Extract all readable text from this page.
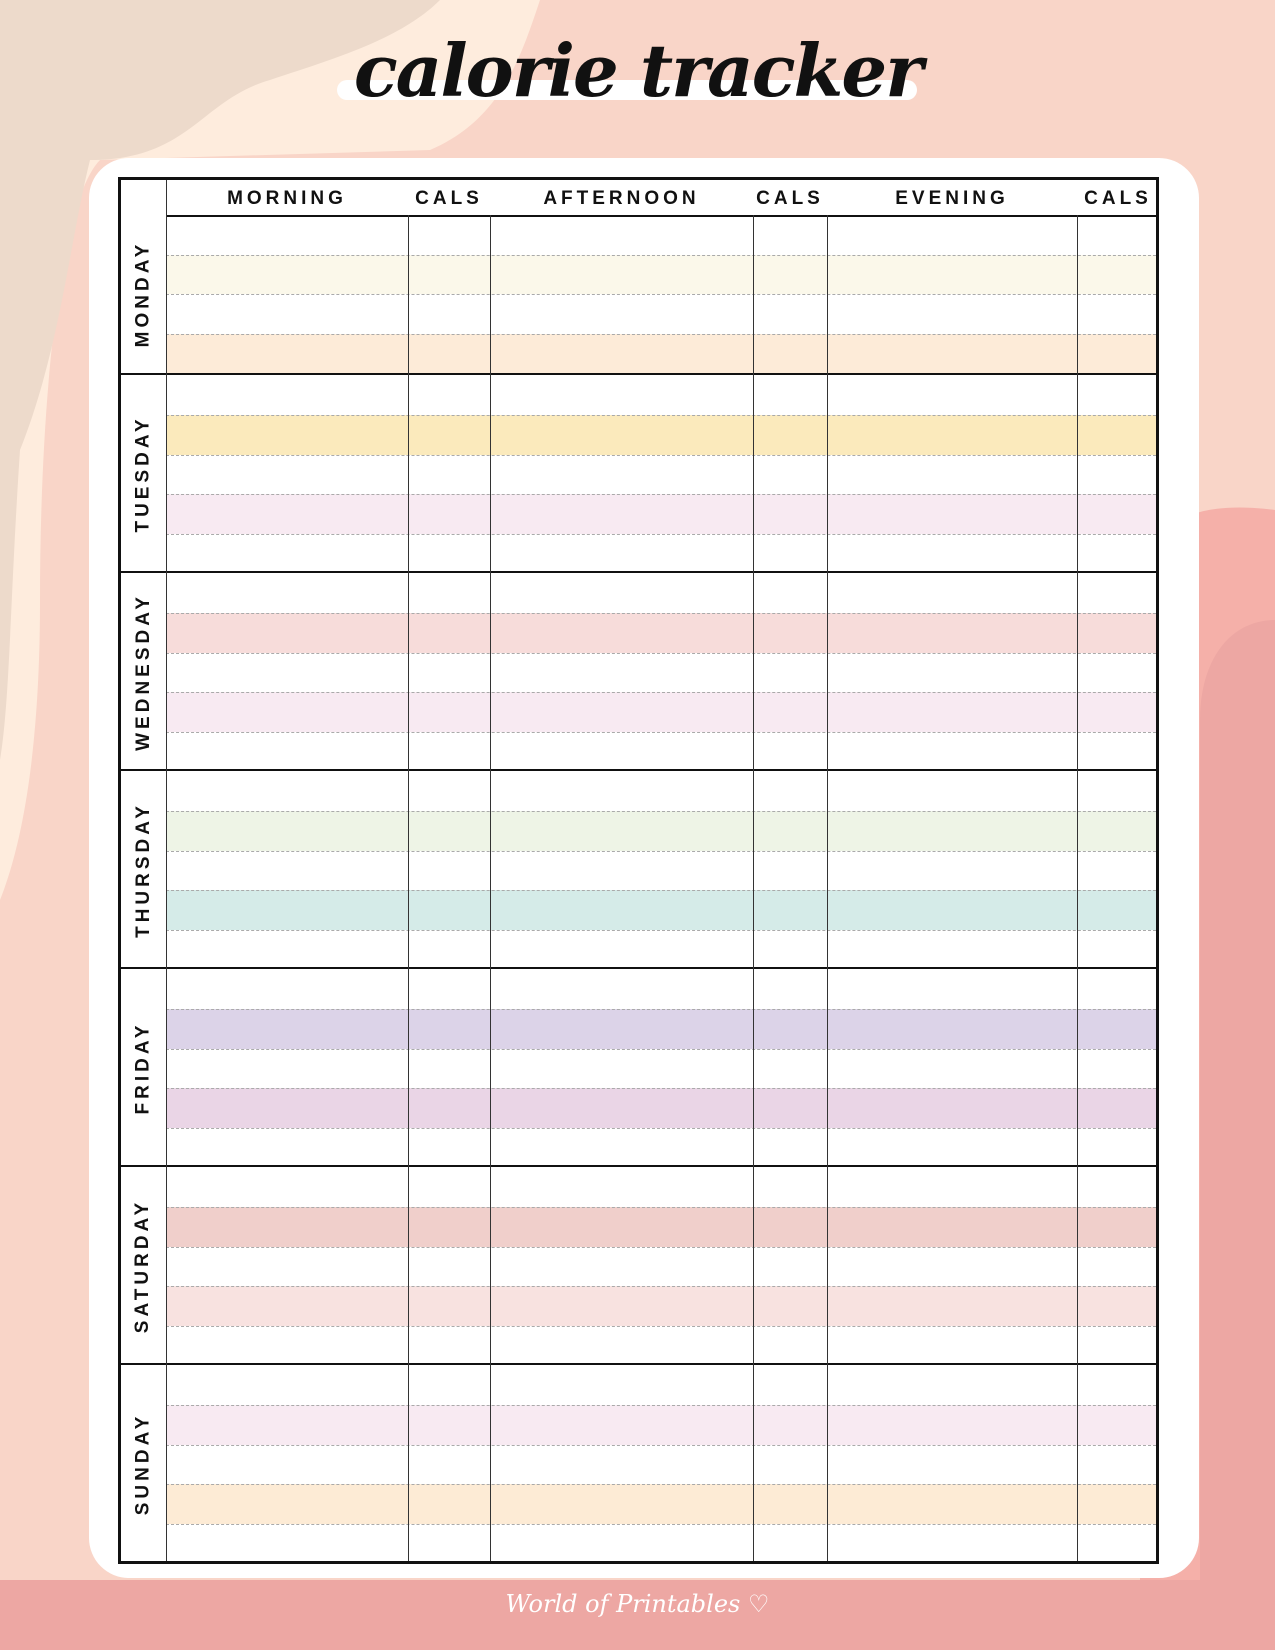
calorie tracker
MONDAY
TUESDAY
WEDNESDAY
THURSDAY
FRIDAY
SATURDAY
SUNDAY
MORNING	CALS	AFTERNOON	CALS	EVENING	CALS
World of Printables ♡
